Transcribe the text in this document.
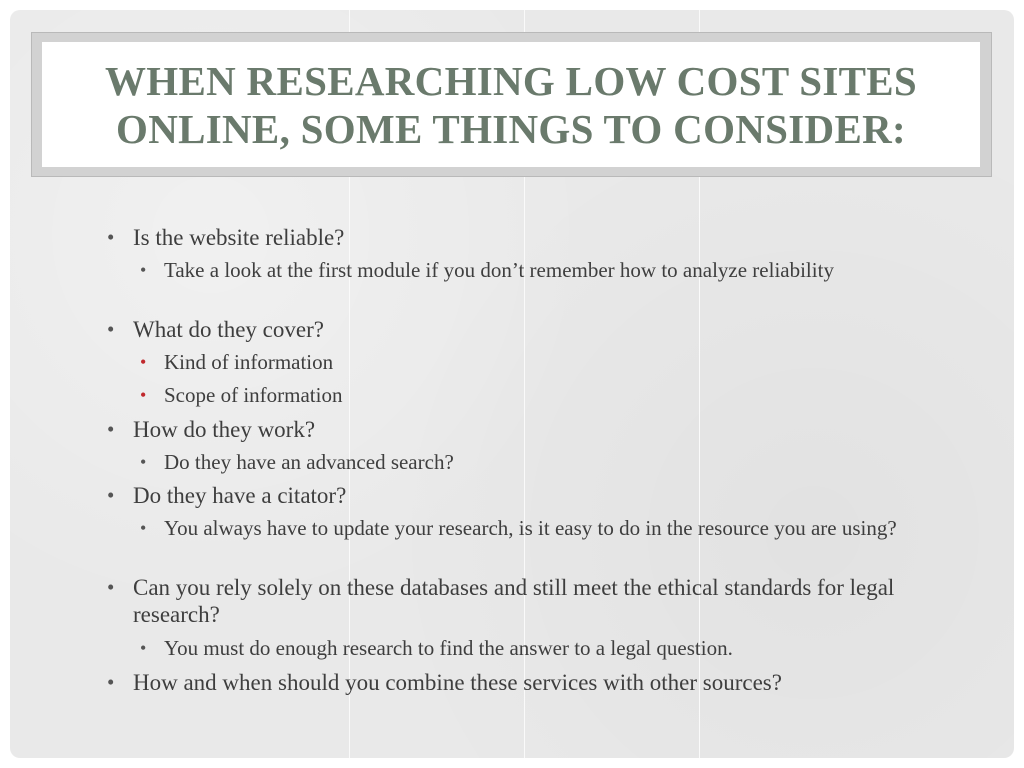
WHEN RESEARCHING LOW COST SITES ONLINE, SOME THINGS TO CONSIDER:
• Is the website reliable?
• Take a look at the first module if you don’t remember how to analyze reliability
• What do they cover?
• Kind of information
• Scope of information
• How do they work?
• Do they have an advanced search?
• Do they have a citator?
• You always have to update your research, is it easy to do in the resource you are using?
• Can you rely solely on these databases and still meet the ethical standards for legal research?
• You must do enough research to find the answer to a legal question.
• How and when should you combine these services with other sources?
